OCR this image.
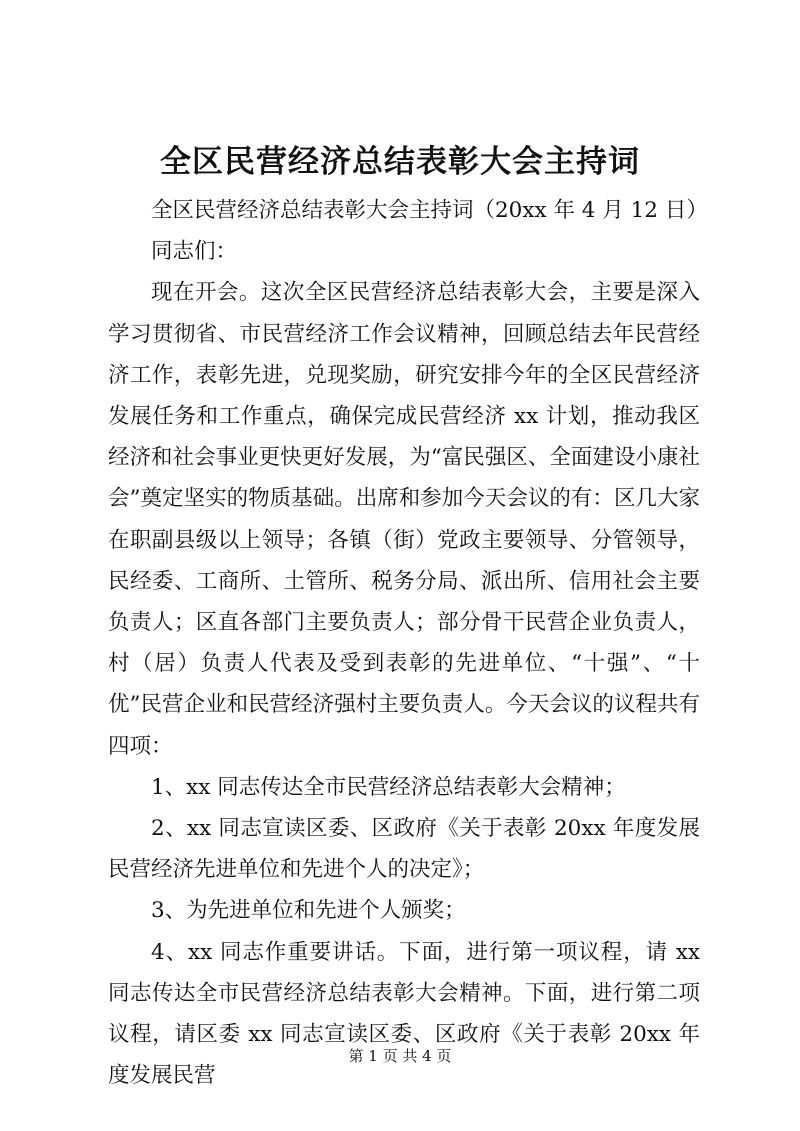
全区民营经济总结表彰大会主持词

全区民营经济总结表彰大会主持词（20xx 年 4 月 12 日）

同志们：

现在开会。这次全区民营经济总结表彰大会，主要是深入学习贯彻省、市民营经济工作会议精神，回顾总结去年民营经济工作，表彰先进，兑现奖励，研究安排今年的全区民营经济发展任务和工作重点，确保完成民营经济 xx 计划，推动我区经济和社会事业更快更好发展，为“富民强区、全面建设小康社会”奠定坚实的物质基础。出席和参加今天会议的有：区几大家在职副县级以上领导；各镇（街）党政主要领导、分管领导，民经委、工商所、土管所、税务分局、派出所、信用社会主要负责人；区直各部门主要负责人；部分骨干民营企业负责人，村（居）负责人代表及受到表彰的先进单位、“十强”、“十优”民营企业和民营经济强村主要负责人。今天会议的议程共有四项：

1、xx 同志传达全市民营经济总结表彰大会精神；

2、xx 同志宣读区委、区政府《关于表彰 20xx 年度发展民营经济先进单位和先进个人的决定》；

3、为先进单位和先进个人颁奖；

4、xx 同志作重要讲话。下面，进行第一项议程，请 xx 同志传达全市民营经济总结表彰大会精神。下面，进行第二项议程，请区委 xx 同志宣读区委、区政府《关于表彰 20xx 年度发展民营

第 1 页 共 4 页
